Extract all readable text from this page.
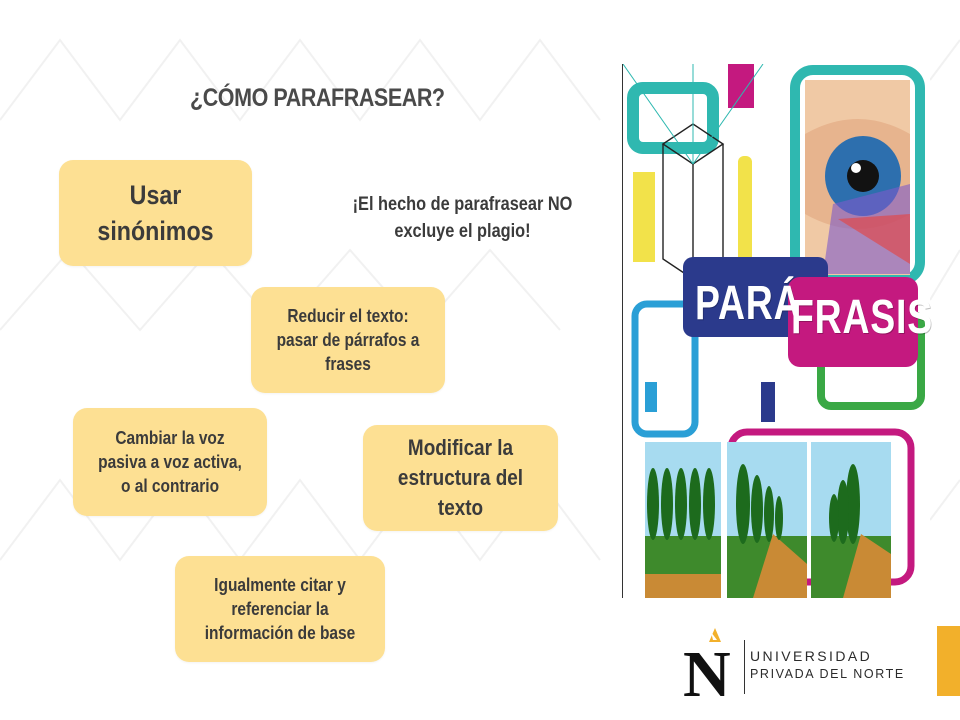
¿CÓMO PARAFRASEAR?
Usar sinónimos
¡El hecho de parafrasear NO excluye el plagio!
Reducir el texto: pasar de párrafos a frases
Cambiar la voz pasiva a voz activa, o al contrario
Modificar la estructura del texto
Igualmente citar y referenciar la información de base
PARÁ
FRASIS
N UNIVERSIDAD
PRIVADA DEL NORTE
